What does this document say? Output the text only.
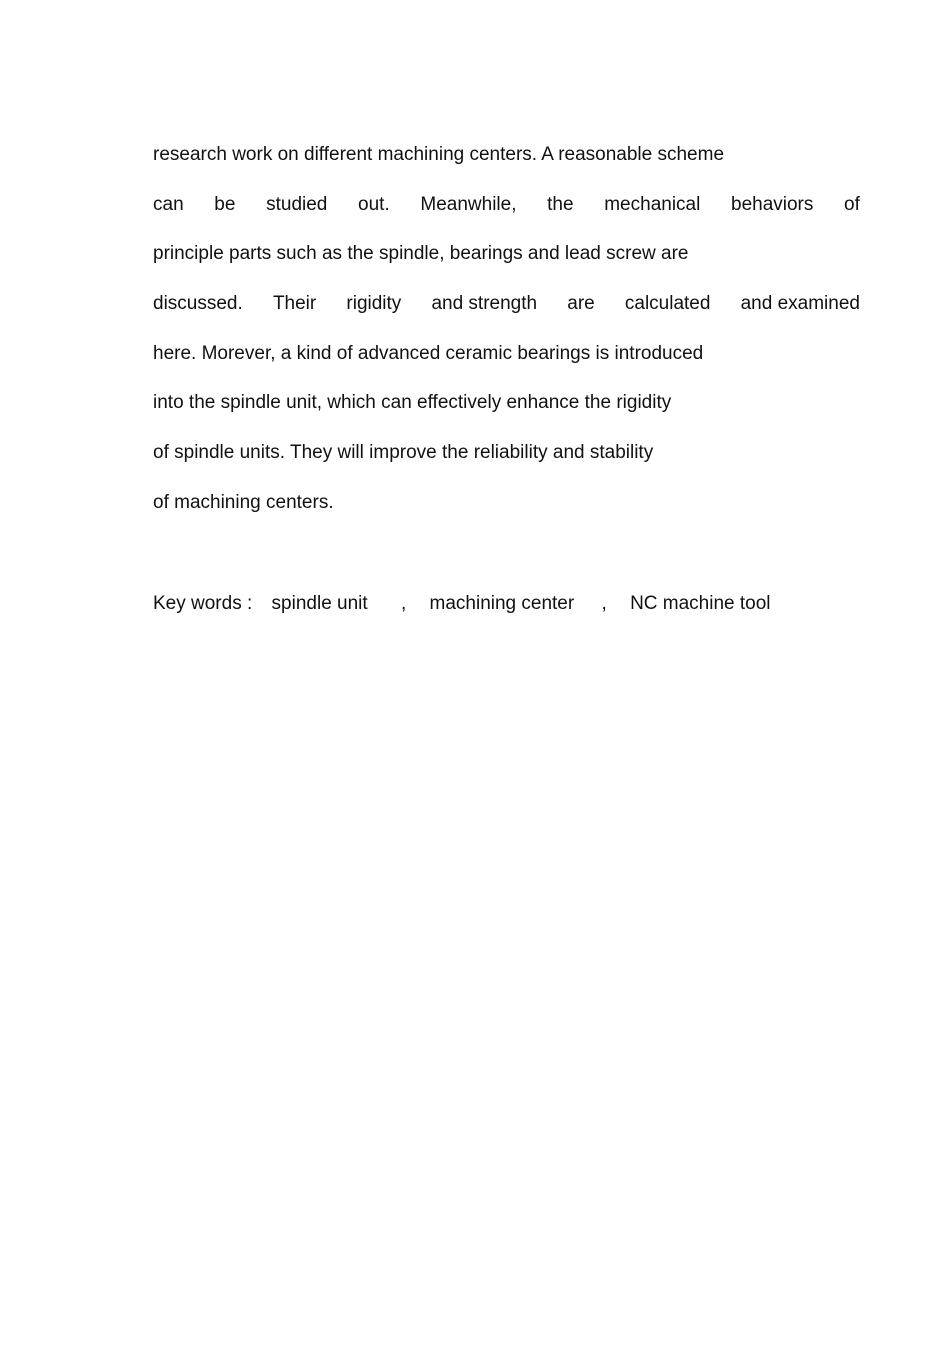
research work on different machining centers. A reasonable scheme
can be studied out. Meanwhile, the mechanical behaviors of
principle parts such as the spindle, bearings and lead screw are
discussed. Their rigidity and strength are calculated and examined
here. Morever, a kind of advanced ceramic bearings is introduced
into the spindle unit, which can effectively enhance the rigidity
of spindle units. They will improve the reliability and stability
of machining centers.
Key words : spindle unit , machining center , NC machine tool
